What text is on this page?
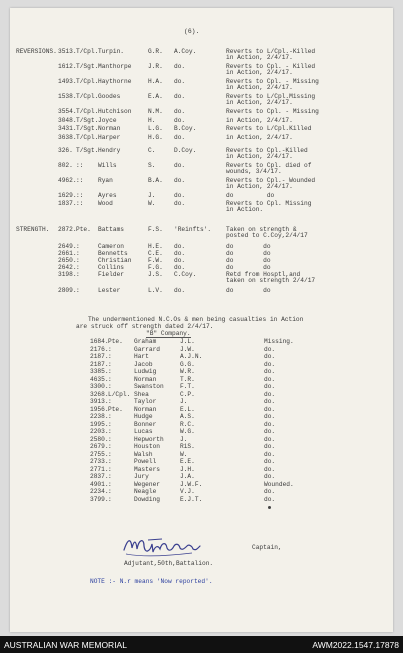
(6).
REVERSIONS. 3513. T/Cpl. Turpin.	G.R. A.Coy.	Reverts to L/Cpl.-Killed
in Action, 2/4/17.
1612. T/Sgt. Manthorpe	J.R. do.	Reverts to Cpl. - Killed
in Action, 2/4/17.
1493. T/Cpl. Haythorne	H.A. do.	Reverts to Cpl. - Missing
in Action, 2/4/17.
1538. T/Cpl. Goodes	E.A. do.	Reverts to L/Cpl.Missing
in Action, 2/4/17.
3554. T/Cpl. Hutchison	N.M. do.	Reverts to Cpl. - Missing
3048. T/Sgt. Joyce	H.	do.	in Action, 2/4/17.
3431. T/Sgt. Norman	L.G. B.Coy.	Reverts to L/Cpl.Killed
3638. T/Cpl. Harper	H.G. do.	in Action, 2/4/17.
326. T/Sgt. Hendry	C.	D.Coy.	Reverts to Cpl.-Killed
in Action, 2/4/17.
802. :: Wills	S.	do.	Reverts to Cpl. died of
wounds, 3/4/17.
4962. :: Ryan	B.A. do.	Reverts to Cpl.- Wounded
in Action, 2/4/17.
1629. :: Ayres	J.	do.	do         do
1837. :: Wood	W.	do.	Reverts to Cpl. Missing
in Action.
STRENGTH. 2872. Pte. Battams	F.S. 'Reinfts'. Taken on strength &
posted to C.Coy,2/4/17
2649. :	Cameron	H.E. do.	do        do
2661. :	Bennetts	C.E. do.	do        do
2650. :	Christian	F.W. do.	do        do
2642. :	Collins	F.G. do.	do        do
3198. :	Fielder	J.S. C.Coy.	Retd from Hosptl,and
taken on strength 2/4/17
2809. :	Lester	L.V. do.	do        do
The undermentioned N.C.Os & men being casualties in Action
are struck off strength dated 2/4/17.
"B" Company.
1684. Pte. Graham	J.L.	Missing.
2176. :	Garrard	J.W.	do.
2187. :	Hart	A.J.N.	do.
2187. :	Jacob	G.G.	do.
3385. :	Ludwig	W.R.	do.
4635. :	Norman	T.R.	do.
3300. :	Swanston	F.T.	do.
3268. L/Cpl. Shea	C.P.	do.
3913. :	Taylor	J.	do.
1956. Pte. Norman	E.L.	do.
2238. :	Hudge	A.S.	do.
1995. :	Bonner	R.C.	do.
2203. :	Lucas	W.G.	do.
2580. :	Hepworth	J.	do.
2679. :	Houston	RiS.	do.
2755. :	Walsh	W.	do.
2733. :	Powell	E.E.	do.
2771. :	Masters	J.H.	do.
2837. :	Jury	J.A.	do.
4901. :	Wegener	J.W.F.	Wounded.
2234. :	Neagle	V.J.	do.
3799. :	Dowding	E.J.T.	do.
Captain,
Adjutant,50th,Battalion.
NOTE :- N.r means 'Now reported'.
AUSTRALIAN WAR MEMORIAL	AWM2022.1547.17878
